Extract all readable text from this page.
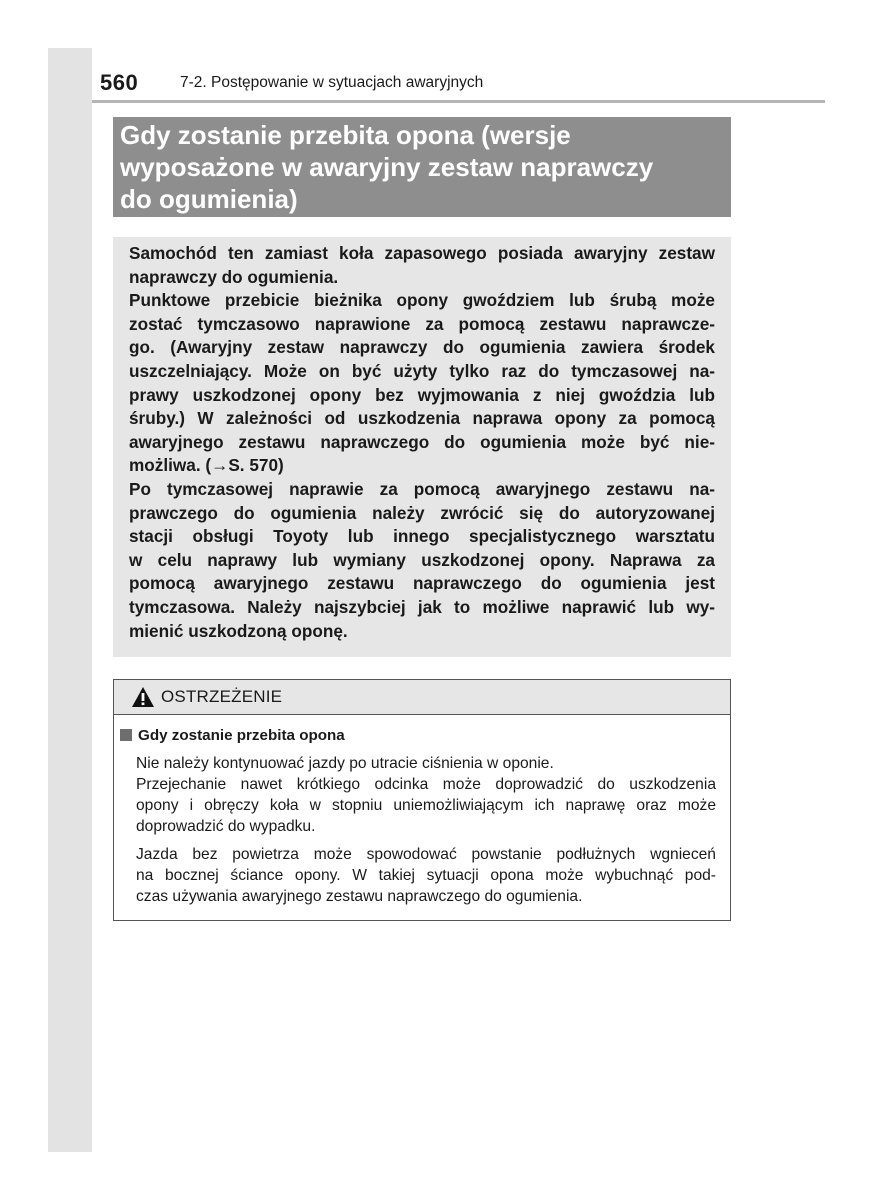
560	7-2. Postępowanie w sytuacjach awaryjnych
Gdy zostanie przebita opona (wersje
wyposażone w awaryjny zestaw naprawczy
do ogumienia)
Samochód ten zamiast koła zapasowego posiada awaryjny zestaw
naprawczy do ogumienia.
Punktowe przebicie bieżnika opony gwoździem lub śrubą może
zostać tymczasowo naprawione za pomocą zestawu naprawcze-
go. (Awaryjny zestaw naprawczy do ogumienia zawiera środek
uszczelniający. Może on być użyty tylko raz do tymczasowej na-
prawy uszkodzonej opony bez wyjmowania z niej gwoździa lub
śruby.) W zależności od uszkodzenia naprawa opony za pomocą
awaryjnego zestawu naprawczego do ogumienia może być nie-
możliwa. (→S. 570)
Po tymczasowej naprawie za pomocą awaryjnego zestawu na-
prawczego do ogumienia należy zwrócić się do autoryzowanej
stacji obsługi Toyoty lub innego specjalistycznego warsztatu
w celu naprawy lub wymiany uszkodzonej opony. Naprawa za
pomocą awaryjnego zestawu naprawczego do ogumienia jest
tymczasowa. Należy najszybciej jak to możliwe naprawić lub wy-
mienić uszkodzoną oponę.
OSTRZEŻENIE
Gdy zostanie przebita opona
Nie należy kontynuować jazdy po utracie ciśnienia w oponie.
Przejechanie nawet krótkiego odcinka może doprowadzić do uszkodzenia
opony i obręczy koła w stopniu uniemożliwiającym ich naprawę oraz może
doprowadzić do wypadku.
Jazda bez powietrza może spowodować powstanie podłużnych wgnieceń
na bocznej ściance opony. W takiej sytuacji opona może wybuchnąć pod-
czas używania awaryjnego zestawu naprawczego do ogumienia.
